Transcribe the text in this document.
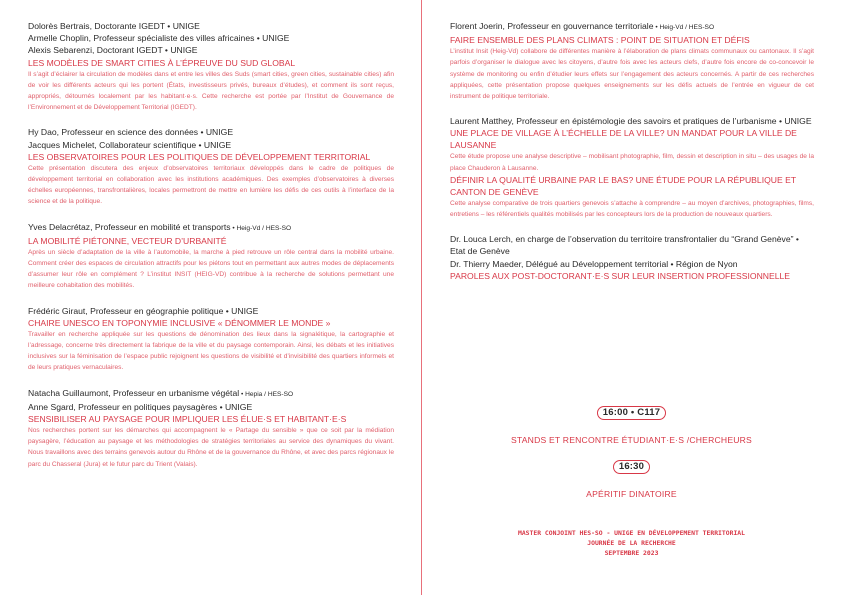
Dolorès Bertrais, Doctorante IGEDT • UNIGE
Armelle Choplin, Professeur spécialiste des villes africaines • UNIGE
Alexis Sebarenzi, Doctorant IGEDT • UNIGE
LES MODÈLES DE SMART CITIES À L’ÉPREUVE DU SUD GLOBAL
Il s’agit d’éclairer la circulation de modèles dans et entre les villes des Suds (smart cities, green cities, sustainable cities) afin de voir les différents acteurs qui les portent (États, investisseurs privés, bureaux d’études), et comment ils sont reçus, appropriés, détournés localement par les habitant·e·s. Cette recherche est portée par l’Institut de Gouvernance de l’Environnement et de Développement Territorial (IGEDT).
Hy Dao, Professeur en science des données • UNIGE
Jacques Michelet, Collaborateur scientifique • UNIGE
LES OBSERVATOIRES POUR LES POLITIQUES DE DÉVELOPPEMENT TERRITORIAL
Cette présentation discutera des enjeux d’observatoires territoriaux développés dans le cadre de politiques de développement territorial en collaboration avec les institutions académiques. Des exemples d’observatoires à diverses échelles européennes, transfrontalières, locales permettront de mettre en lumière les défis de ces outils à l’interface de la science et de la politique.
Yves Delacrétaz, Professeur en mobilité et transports • Heig-Vd / HES-SO
LA MOBILITÉ PIÉTONNE, VECTEUR D’URBANITÉ
Après un siècle d’adaptation de la ville à l’automobile, la marche à pied retrouve un rôle central dans la mobilité urbaine. Comment créer des espaces de circulation attractifs pour les piétons tout en permettant aux autres modes de déplacements d’assumer leur rôle en complément ? L’institut INSIT (HEIG-VD) contribue à la recherche de solutions permettant une meilleure cohabitation des mobilités.
Frédéric Giraut, Professeur en géographie politique • UNIGE
CHAIRE UNESCO EN TOPONYMIE INCLUSIVE « DÉNOMMER LE MONDE »
Travailler en recherche appliquée sur les questions de dénomination des lieux dans la signalétique, la cartographie et l’adressage, concerne très directement la fabrique de la ville et du paysage contemporain. Ainsi, les débats et les initiatives inclusives sur la féminisation de l’espace public rejoignent les questions de visibilité et d’invisibilité des quartiers informels et de leurs pratiques vernaculaires.
Natacha Guillaumont, Professeur en urbanisme végétal • Hepia / HES-SO
Anne Sgard, Professeur en politiques paysagères • UNIGE
SENSIBILISER AU PAYSAGE POUR IMPLIQUER LES ÉLUE·S ET HABITANT·E·S
Nos recherches portent sur les démarches qui accompagnent le « Partage du sensible » que ce soit par la médiation paysagère, l’éducation au paysage et les méthodologies de stratégies territoriales au service des dynamiques du vivant. Nous travaillons avec des terrains genevois autour du Rhône et de la gouvernance du Rhône, et avec des parcs régionaux le parc du Chasseral (Jura) et le futur parc du Trient (Valais).
Florent Joerin, Professeur en gouvernance territoriale • Heig-Vd / HES-SO
FAIRE ENSEMBLE DES PLANS CLIMATS : POINT DE SITUATION ET DÉFIS
L’institut Insit (Heig-Vd) collabore de différentes manière à l’élaboration de plans climats communaux ou cantonaux. Il s’agit parfois d’organiser le dialogue avec les citoyens, d’autre fois avec les acteurs clefs, d’autre fois encore de co-concevoir le système de monitoring ou enfin d’étudier leurs effets sur l’engagement des acteurs concernés. A partir de ces recherches appliquées, cette présentation propose quelques enseignements sur les défis actuels de l’entrée en vigueur de cet instrument de politique territoriale.
Laurent Matthey, Professeur en épistémologie des savoirs et pratiques de l’urbanisme • UNIGE
UNE PLACE DE VILLAGE À L’ÉCHELLE DE LA VILLE? UN MANDAT POUR LA VILLE DE LAUSANNE
Cette étude propose une analyse descriptive – mobilisant photographie, film, dessin et description in situ – des usages de la place Chauderon à Lausanne.
DÉFINIR LA QUALITÉ URBAINE PAR LE BAS? UNE ÉTUDE POUR LA RÉPUBLIQUE ET CANTON DE GENÈVE
Cette analyse comparative de trois quartiers genevois s’attache à comprendre – au moyen d’archives, photographies, films, entretiens – les référentiels qualités mobilisés par les concepteurs lors de la production de nouveaux quartiers.
Dr. Louca Lerch, en charge de l’observation du territoire transfrontalier du “Grand Genève” • Etat de Genève
Dr. Thierry Maeder, Délégué au Développement territorial • Région de Nyon
PAROLES AUX POST-DOCTORANT·E·S SUR LEUR INSERTION PROFESSIONNELLE
16:00 • C117
STANDS ET RENCONTRE ÉTUDIANT·E·S /CHERCHEURS
16:30
APÉRITIF DINATOIRE
MASTER CONJOINT HES-SO - UNIGE EN DÉVELOPPEMENT TERRITORIAL
JOURNÉE DE LA RECHERCHE
SEPTEMBRE 2023
